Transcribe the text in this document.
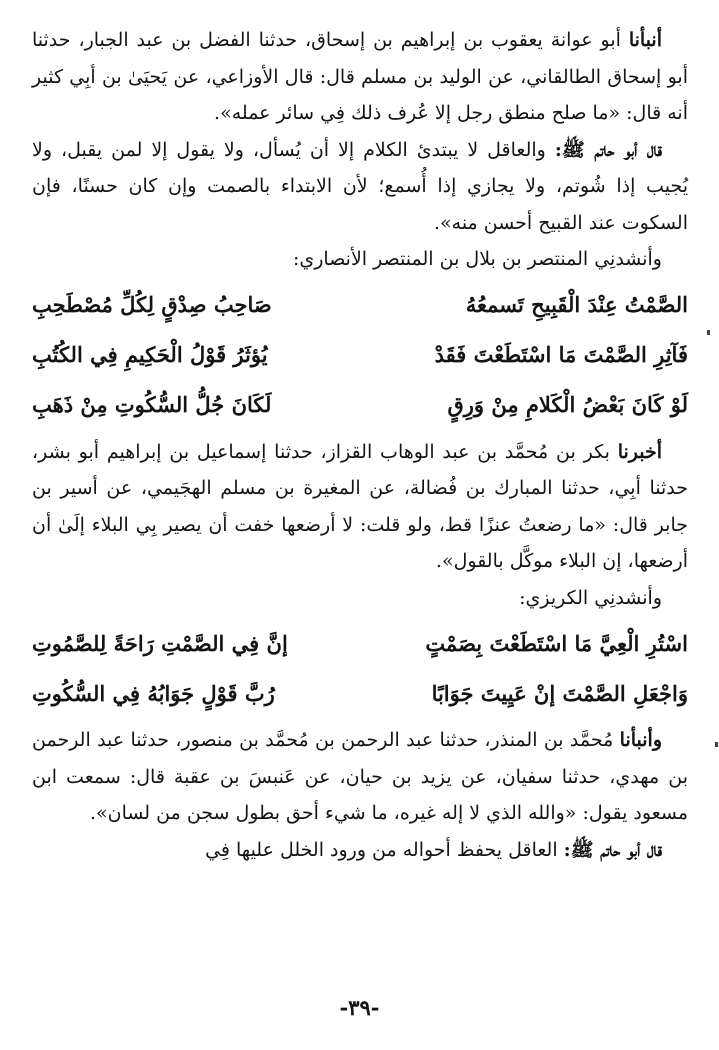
أنبأنا أبو عوانة يعقوب بن إبراهيم بن إسحاق، حدثنا الفضل بن عبد الجبار، حدثنا أبو إسحاق الطالقاني، عن الوليد بن مسلم قال: قال الأوزاعي، عن يَحيَىٰ بن أبِي كثير أنه قال: «ما صلح منطق رجل إلا عُرف ذلك فِي سائر عمله».

قال أبو حاتم ﷺ: والعاقل لا يبتدئ الكلام إلا أن يُسأل، ولا يقول إلا لمن يقبل، ولا يُجيب إذا شُوتم، ولا يجازي إذا أُسمع؛ لأن الابتداء بالصمت وإن كان حسنًا، فإن السكوت عند القبيح أحسن منه».

وأنشدنِي المنتصر بن بلال بن المنتصر الأنصاري:

الصَّمْتُ عِنْدَ الْقَبِيحِ تَسمعُهُ
صَاحِبُ صِدْقٍ لِكُلِّ مُصْطَحِبِ
فَآثِرِ الصَّمْتَ مَا اسْتَطَعْتَ فَقَدْ
يُؤثَرُ قَوْلُ الْحَكِيمِ فِي الكُتُبِ
لَوْ كَانَ بَعْضُ الْكَلامِ مِنْ وَرِقٍ
لَكَانَ جُلُّ السُّكُوتِ مِنْ ذَهَبِ

أخبرنا بكر بن مُحمَّد بن عبد الوهاب القزاز، حدثنا إسماعيل بن إبراهيم أبو بشر، حدثنا أبِي، حدثنا المبارك بن فُضالة، عن المغيرة بن مسلم الهجَيمي، عن أسير بن جابر قال: «ما رضعتُ عنزًا قط، ولو قلت: لا أرضعها خفت أن يصير بِي البلاء إلَىٰ أن أرضعها، إن البلاء موكَّل بالقول».

وأنشدنِي الكريزي:

اسْتُرِ الْعِيَّ مَا اسْتَطَعْتَ بِصَمْتٍ
إنَّ فِي الصَّمْتِ رَاحَةً لِلصَّمُوتِ
وَاجْعَلِ الصَّمْتَ إنْ عَيِيتَ جَوَابًا
رُبَّ قَوْلٍ جَوَابُهُ فِي السُّكُوتِ

وأنبأنا مُحمَّد بن المنذر، حدثنا عبد الرحمن بن مُحمَّد بن منصور، حدثنا عبد الرحمن بن مهدي، حدثنا سفيان، عن يزيد بن حيان، عن عَنبسَ بن عقبة قال: سمعت ابن مسعود يقول: «والله الذي لا إله غيره، ما شيء أحق بطول سجن من لسان».

قال أبو حاتم ﷺ: العاقل يحفظ أحواله من ورود الخلل عليها فِي

-٣٩-
